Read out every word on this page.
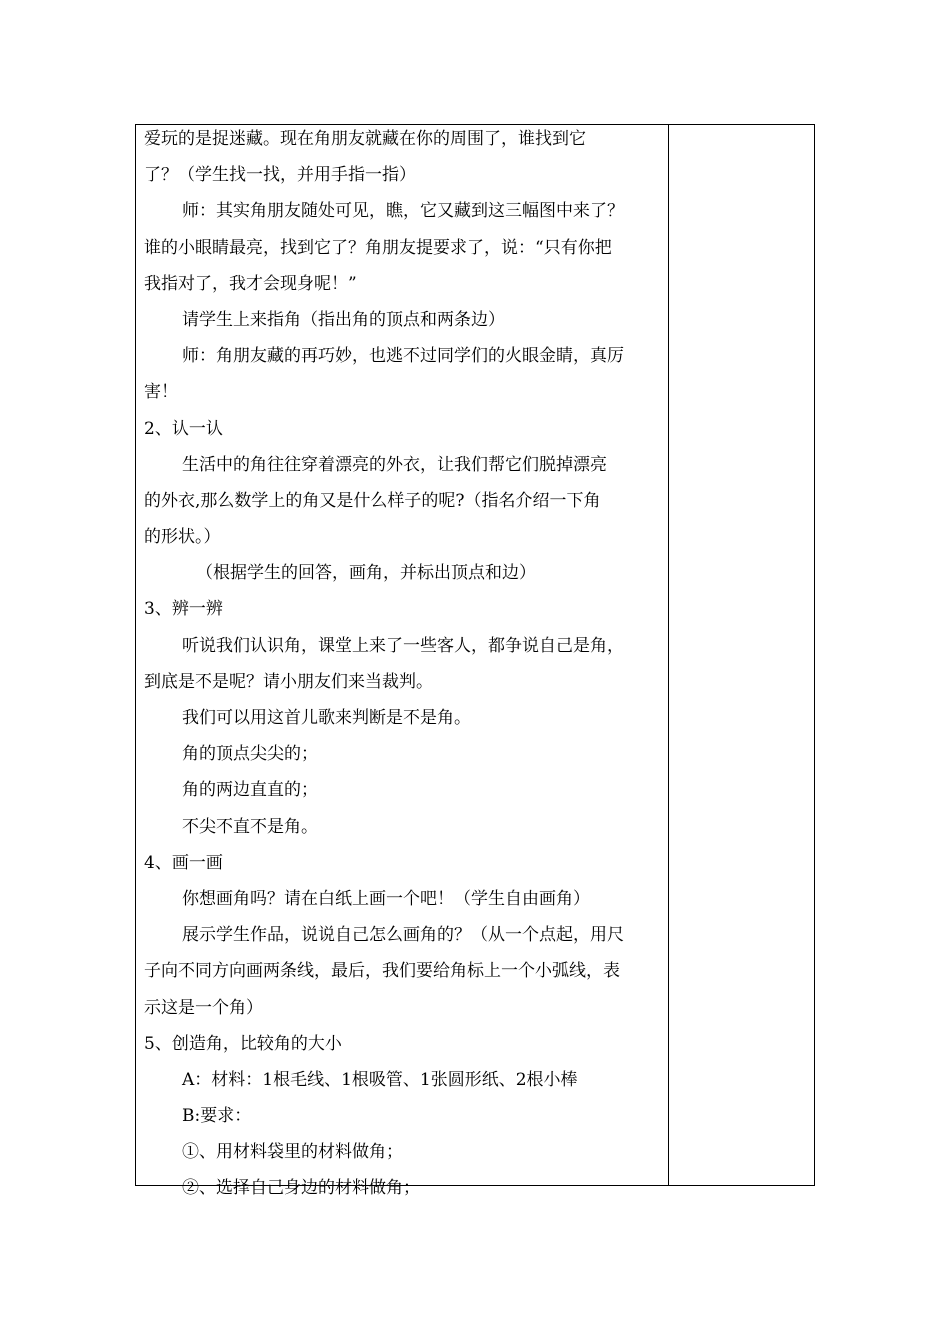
爱玩的是捉迷藏。现在角朋友就藏在你的周围了，谁找到它
了？（学生找一找，并用手指一指）
师：其实角朋友随处可见，瞧，它又藏到这三幅图中来了？
谁的小眼睛最亮，找到它了？角朋友提要求了，说：“只有你把
我指对了，我才会现身呢！”
请学生上来指角（指出角的顶点和两条边）
师：角朋友藏的再巧妙，也逃不过同学们的火眼金睛，真厉
害！
2、认一认
生活中的角往往穿着漂亮的外衣，让我们帮它们脱掉漂亮
的外衣,那么数学上的角又是什么样子的呢?（指名介绍一下角
的形状。）
（根据学生的回答，画角，并标出顶点和边）
3、辨一辨
听说我们认识角，课堂上来了一些客人，都争说自己是角，
到底是不是呢？请小朋友们来当裁判。
我们可以用这首儿歌来判断是不是角。
角的顶点尖尖的；
角的两边直直的；
不尖不直不是角。
4、画一画
你想画角吗？请在白纸上画一个吧！（学生自由画角）
展示学生作品，说说自己怎么画角的？（从一个点起，用尺
子向不同方向画两条线，最后，我们要给角标上一个小弧线，表
示这是一个角）
5、创造角，比较角的大小
A：材料：1根毛线、1根吸管、1张圆形纸、2根小棒
B:要求：
①、用材料袋里的材料做角；
②、选择自己身边的材料做角；
